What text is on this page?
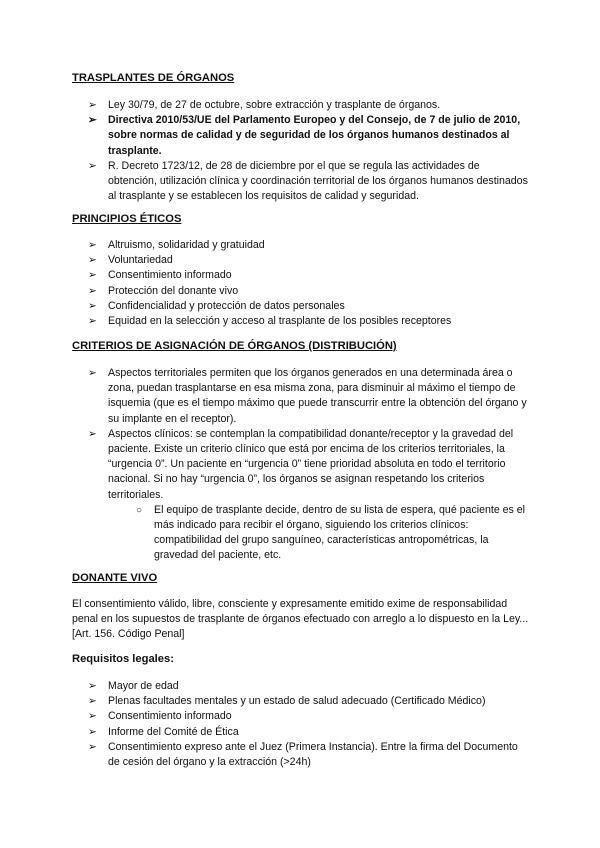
TRASPLANTES DE ÓRGANOS
➢ Ley 30/79, de 27 de octubre, sobre extracción y trasplante de órganos.
➢ Directiva 2010/53/UE del Parlamento Europeo y del Consejo, de 7 de julio de 2010, sobre normas de calidad y de seguridad de los órganos humanos destinados al trasplante.
➢ R. Decreto 1723/12, de 28 de diciembre por el que se regula las actividades de obtención, utilización clínica y coordinación territorial de los órganos humanos destinados al trasplante y se establecen los requisitos de calidad y seguridad.
PRINCIPIOS ÉTICOS
➢ Altruismo, solidaridad y gratuidad
➢ Voluntariedad
➢ Consentimiento informado
➢ Protección del donante vivo
➢ Confidencialidad y protección de datos personales
➢ Equidad en la selección y acceso al trasplante de los posibles receptores
CRITERIOS DE ASIGNACIÓN DE ÓRGANOS (DISTRIBUCIÓN)
➢ Aspectos territoriales permiten que los órganos generados en una determinada área o zona, puedan trasplantarse en esa misma zona, para disminuir al máximo el tiempo de isquemia (que es el tiempo máximo que puede transcurrir entre la obtención del órgano y su implante en el receptor).
➢ Aspectos clínicos: se contemplan la compatibilidad donante/receptor y la gravedad del paciente. Existe un criterio clínico que está por encima de los criterios territoriales, la “urgencia 0”. Un paciente en “urgencia 0” tiene prioridad absoluta en todo el territorio nacional. Si no hay “urgencia 0”, los órganos se asignan respetando los criterios territoriales.
○ El equipo de trasplante decide, dentro de su lista de espera, qué paciente es el más indicado para recibir el órgano, siguiendo los criterios clínicos: compatibilidad del grupo sanguíneo, características antropométricas, la gravedad del paciente, etc.
DONANTE VIVO

El consentimiento válido, libre, consciente y expresamente emitido exime de responsabilidad penal en los supuestos de trasplante de órganos efectuado con arreglo a lo dispuesto en la Ley... [Art. 156. Código Penal]

Requisitos legales:
➢ Mayor de edad
➢ Plenas facultades mentales y un estado de salud adecuado (Certificado Médico)
➢ Consentimiento informado
➢ Informe del Comité de Ética
➢ Consentimiento expreso ante el Juez (Primera Instancia). Entre la firma del Documento de cesión del órgano y la extracción (>24h)
